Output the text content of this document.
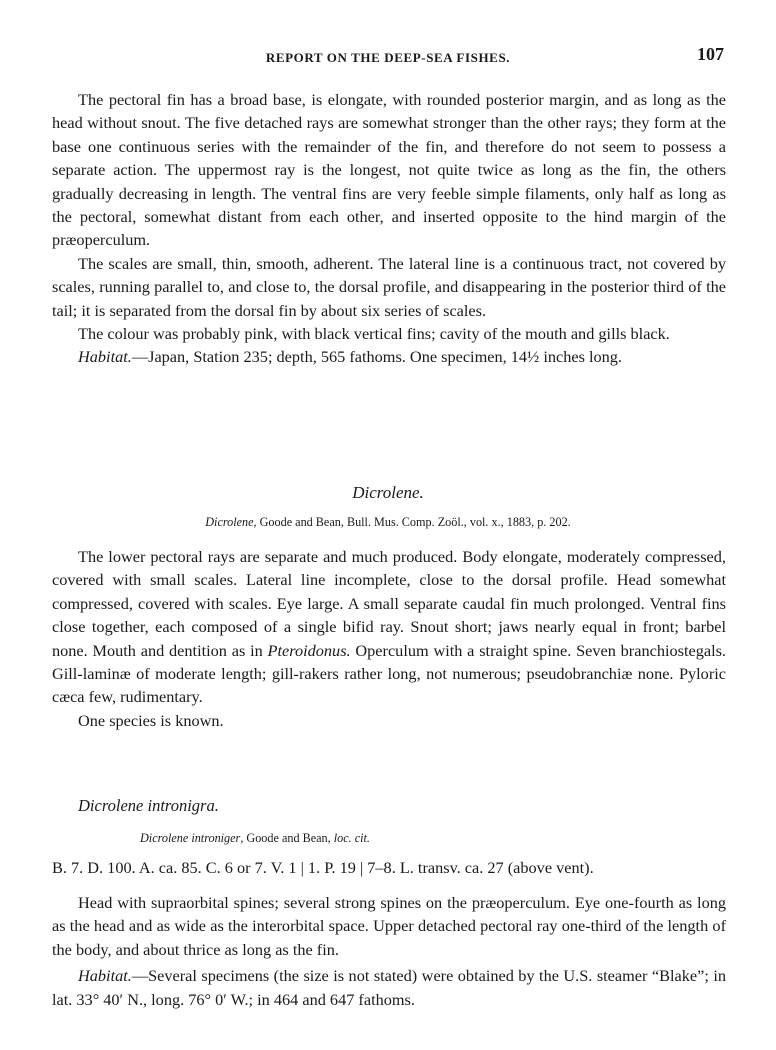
REPORT ON THE DEEP-SEA FISHES.	107

The pectoral fin has a broad base, is elongate, with rounded posterior margin, and as long as the head without snout. The five detached rays are somewhat stronger than the other rays; they form at the base one continuous series with the remainder of the fin, and therefore do not seem to possess a separate action. The uppermost ray is the longest, not quite twice as long as the fin, the others gradually decreasing in length. The ventral fins are very feeble simple filaments, only half as long as the pectoral, somewhat distant from each other, and inserted opposite to the hind margin of the præoperculum.

The scales are small, thin, smooth, adherent. The lateral line is a continuous tract, not covered by scales, running parallel to, and close to, the dorsal profile, and disappearing in the posterior third of the tail; it is separated from the dorsal fin by about six series of scales.

The colour was probably pink, with black vertical fins; cavity of the mouth and gills black.

Habitat.—Japan, Station 235; depth, 565 fathoms. One specimen, 14½ inches long.

Dicrolene.
Dicrolene, Goode and Bean, Bull. Mus. Comp. Zoöl., vol. x., 1883, p. 202.

The lower pectoral rays are separate and much produced. Body elongate, moderately compressed, covered with small scales. Lateral line incomplete, close to the dorsal profile. Head somewhat compressed, covered with scales. Eye large. A small separate caudal fin much prolonged. Ventral fins close together, each composed of a single bifid ray. Snout short; jaws nearly equal in front; barbel none. Mouth and dentition as in Pteroidonus. Operculum with a straight spine. Seven branchiostegals. Gill-laminæ of moderate length; gill-rakers rather long, not numerous; pseudobranchiæ none. Pyloric cæca few, rudimentary.

One species is known.

Dicrolene intronigra.
Dicrolene introniger, Goode and Bean, loc. cit.
B. 7. D. 100. A. ca. 85. C. 6 or 7. V. 1 | 1. P. 19 | 7–8. L. transv. ca. 27 (above vent).

Head with supraorbital spines; several strong spines on the præoperculum. Eye one-fourth as long as the head and as wide as the interorbital space. Upper detached pectoral ray one-third of the length of the body, and about thrice as long as the fin.

Habitat.—Several specimens (the size is not stated) were obtained by the U.S. steamer “Blake”; in lat. 33° 40′ N., long. 76° 0′ W.; in 464 and 647 fathoms.
